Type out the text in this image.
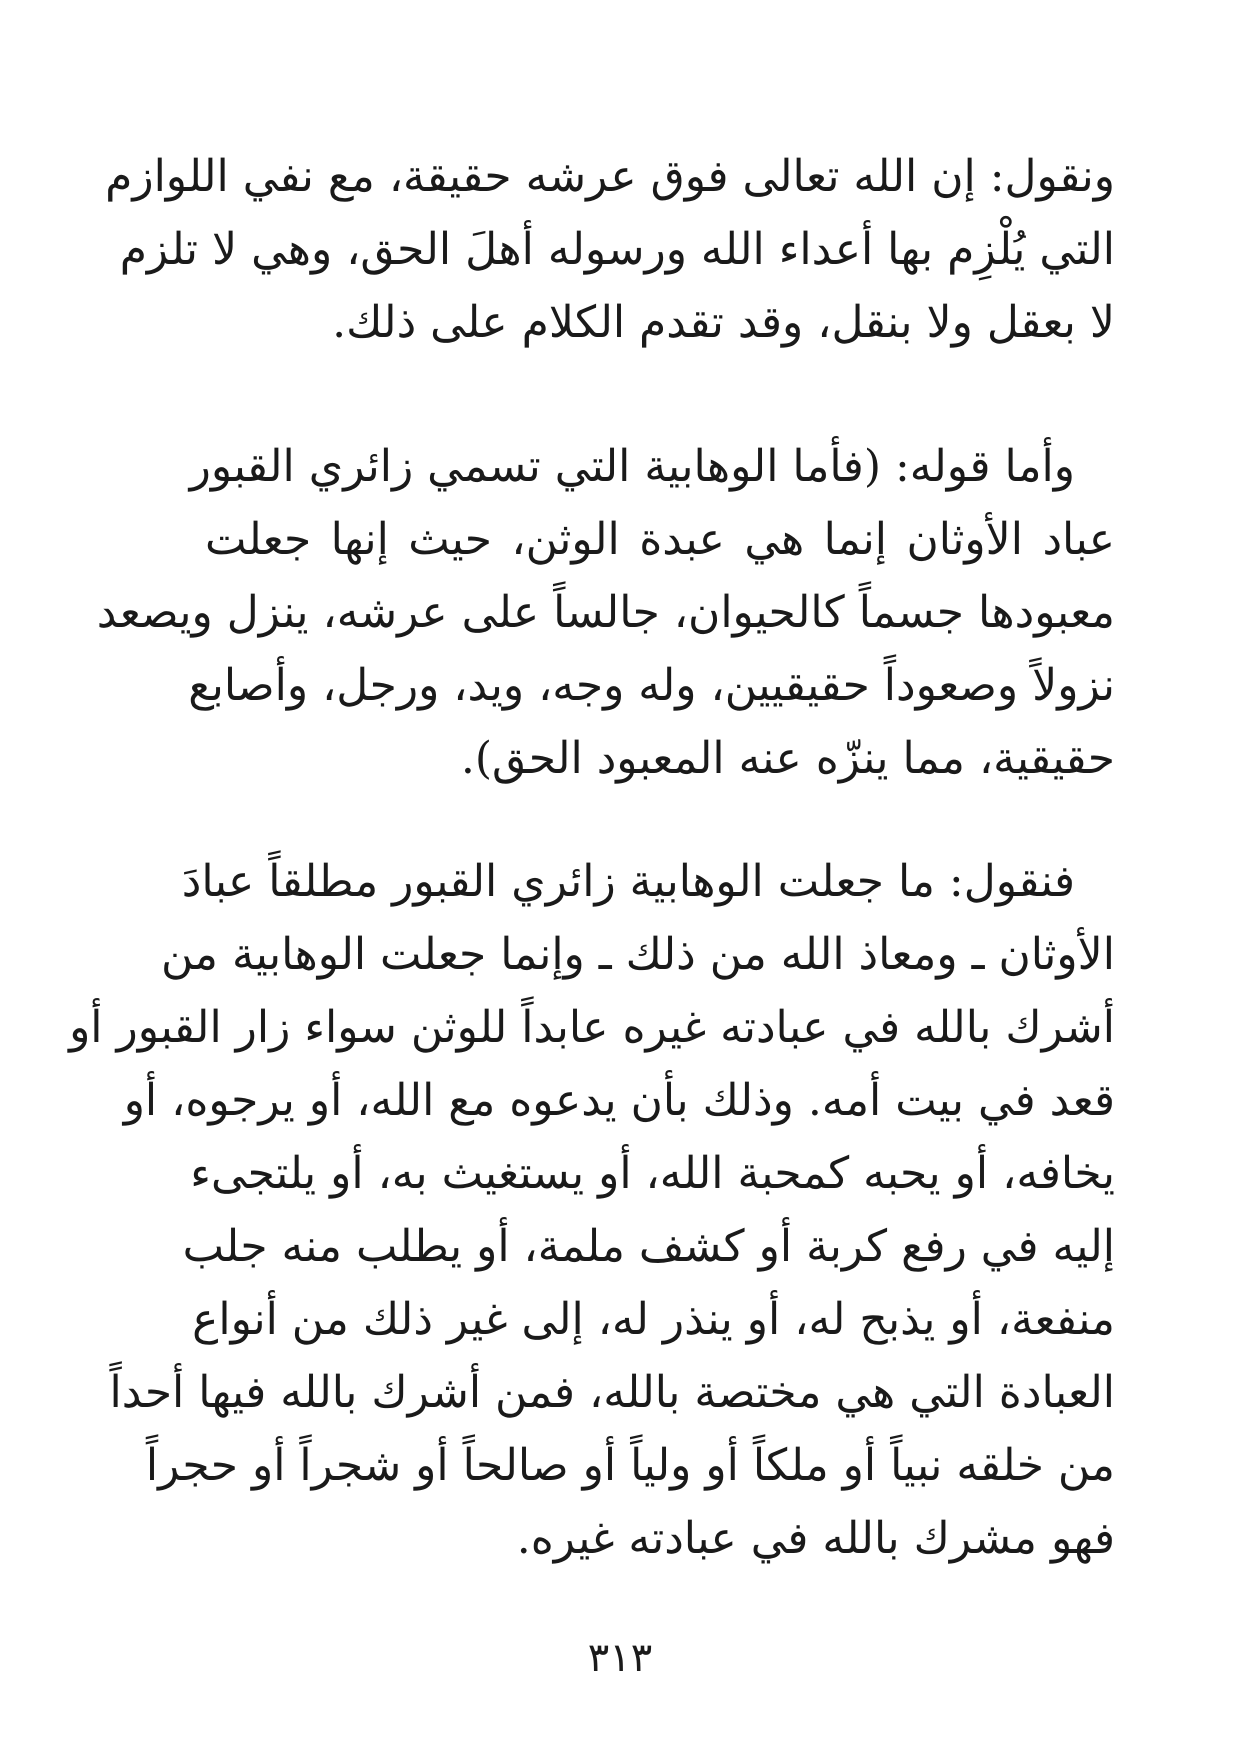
ونقول: إن الله تعالى فوق عرشه حقيقة، مع نفي اللوازم
التي يُلْزِم بها أعداء الله ورسوله أهلَ الحق، وهي لا تلزم
لا بعقل ولا بنقل، وقد تقدم الكلام على ذلك.
وأما قوله: (فأما الوهابية التي تسمي زائري القبور
عباد الأوثان إنما هي عبدة الوثن، حيث إنها جعلت
معبودها جسماً كالحيوان، جالساً على عرشه، ينزل ويصعد
نزولاً وصعوداً حقيقيين، وله وجه، ويد، ورجل، وأصابع
حقيقية، مما ينزّه عنه المعبود الحق).
فنقول: ما جعلت الوهابية زائري القبور مطلقاً عبادَ
الأوثان ـ ومعاذ الله من ذلك ـ وإنما جعلت الوهابية من
أشرك بالله في عبادته غيره عابداً للوثن سواء زار القبور أو
قعد في بيت أمه. وذلك بأن يدعوه مع الله، أو يرجوه، أو
يخافه، أو يحبه كمحبة الله، أو يستغيث به، أو يلتجىء
إليه في رفع كربة أو كشف ملمة، أو يطلب منه جلب
منفعة، أو يذبح له، أو ينذر له، إلى غير ذلك من أنواع
العبادة التي هي مختصة بالله، فمن أشرك بالله فيها أحداً
من خلقه نبياً أو ملكاً أو ولياً أو صالحاً أو شجراً أو حجراً
فهو مشرك بالله في عبادته غيره.
٣١٣
